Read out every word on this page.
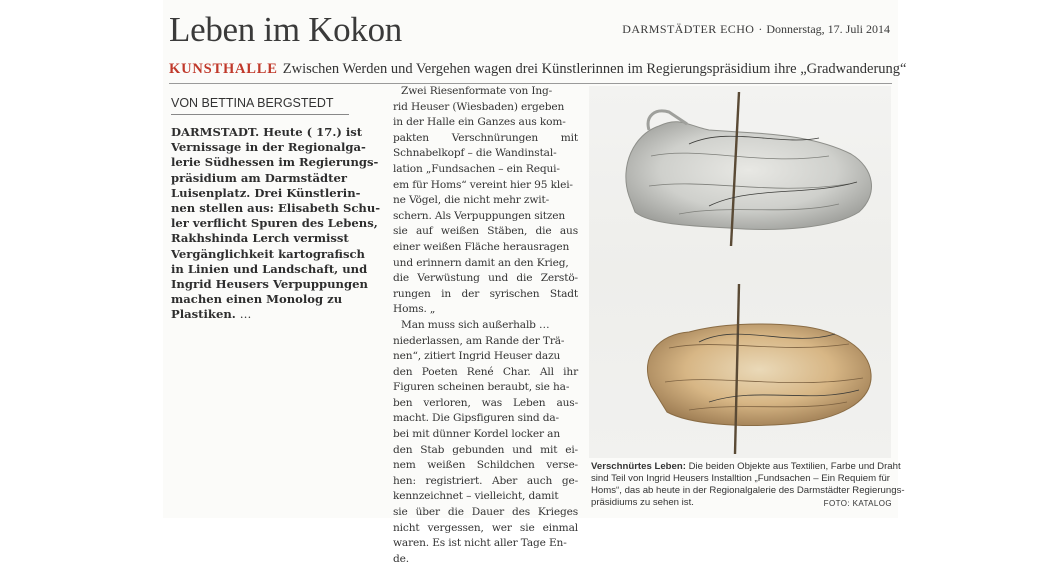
Leben im Kokon	DARMSTÄDTER ECHO · Donnerstag, 17. Juli 2014
KUNSTHALLE Zwischen Werden und Vergehen wagen drei Künstlerinnen im Regierungspräsidium ihre „Gradwanderung“
VON BETTINA BERGSTEDT

DARMSTADT. Heute ( 17.) ist

Vernissage in der Regionalga-

lerie Südhessen im Regierungs-

präsidium am Darmstädter

Luisenplatz. Drei Künstlerin-

nen stellen aus: Elisabeth Schu-

ler verflicht Spuren des Lebens,

Rakhshinda Lerch vermisst

Vergänglichkeit kartografisch

in Linien und Landschaft, und

Ingrid Heusers Verpuppungen

machen einen Monolog zu

Plastiken. …

Zwei Riesenformate von Ing-
rid Heuser (Wiesbaden) ergeben
in der Halle ein Ganzes aus kom-
pakten Verschnürungen mit
Schnabelkopf – die Wandinstal-
lation „Fundsachen – ein Requi-
em für Homs“ vereint hier 95 klei-
ne Vögel, die nicht mehr zwit-
schern. Als Verpuppungen sitzen
sie auf weißen Stäben, die aus
einer weißen Fläche herausragen
und erinnern damit an den Krieg,
die Verwüstung und die Zerstö-
rungen in der syrischen Stadt
Homs. „
Man muss sich außerhalb …
niederlassen, am Rande der Trä-
nen“, zitiert Ingrid Heuser dazu
den Poeten René Char. All ihr
Figuren scheinen beraubt, sie ha-
ben verloren, was Leben aus-
macht. Die Gipsfiguren sind da-
bei mit dünner Kordel locker an
den Stab gebunden und mit ei-
nem weißen Schildchen verse-
hen: registriert. Aber auch ge-
kennzeichnet – vielleicht, damit
sie über die Dauer des Krieges
nicht vergessen, wer sie einmal
waren. Es ist nicht aller Tage En-
de.

Verschnürtes Leben: Die beiden Objekte aus Textilien, Farbe und Draht

sind Teil von Ingrid Heusers Installtion „Fundsachen – Ein Requiem für

Homs“, das ab heute in der Regionalgalerie des Darmstädter Regierungs-

präsidiums zu sehen ist.	FOTO: KATALOG
